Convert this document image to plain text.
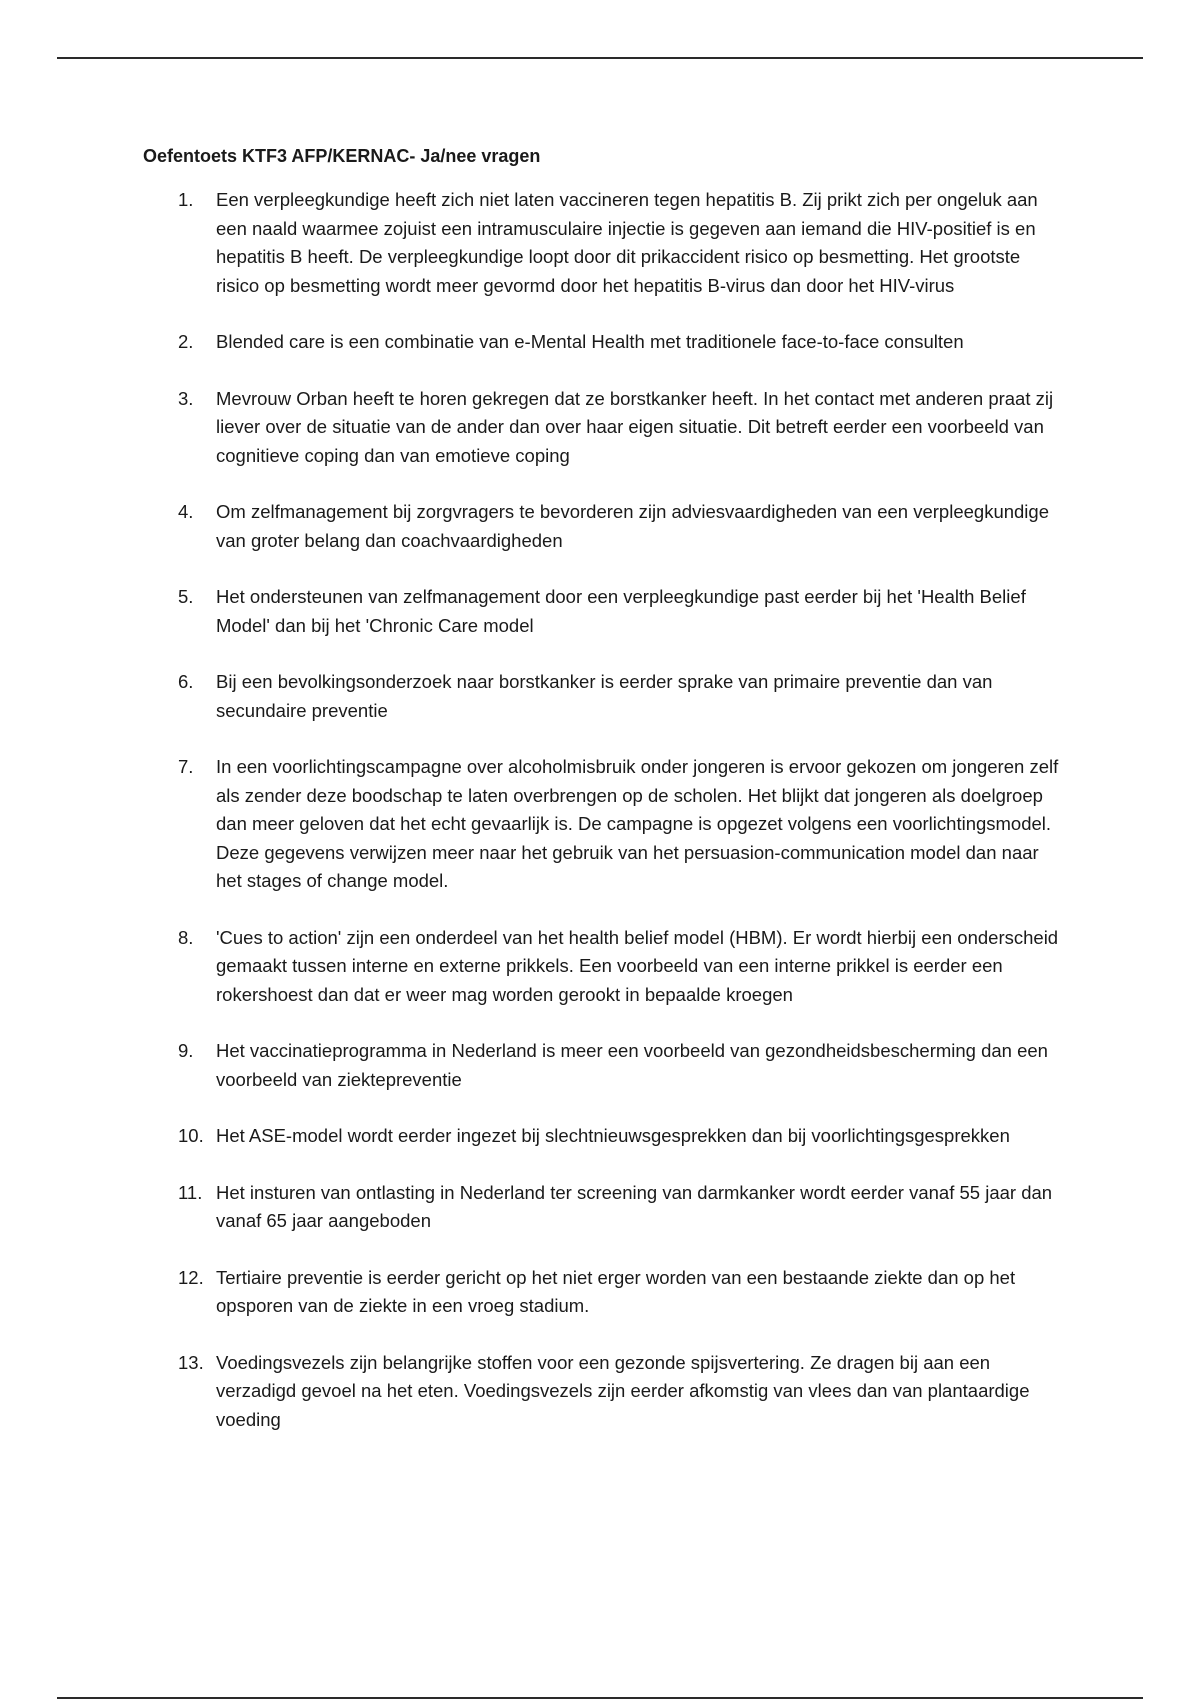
Oefentoets KTF3 AFP/KERNAC- Ja/nee vragen
1.	Een verpleegkundige heeft zich niet laten vaccineren tegen hepatitis B. Zij prikt zich per ongeluk aan een naald waarmee zojuist een intramusculaire injectie is gegeven aan iemand die HIV-positief is en hepatitis B heeft. De verpleegkundige loopt door dit prikaccident risico op besmetting. Het grootste risico op besmetting wordt meer gevormd door het hepatitis B-virus dan door het HIV-virus
2.	Blended care is een combinatie van e-Mental Health met traditionele face-to-face consulten
3.	Mevrouw Orban heeft te horen gekregen dat ze borstkanker heeft. In het contact met anderen praat zij liever over de situatie van de ander dan over haar eigen situatie. Dit betreft eerder een voorbeeld van cognitieve coping dan van emotieve coping
4.	Om zelfmanagement bij zorgvragers te bevorderen zijn adviesvaardigheden van een verpleegkundige van groter belang dan coachvaardigheden
5.	Het ondersteunen van zelfmanagement door een verpleegkundige past eerder bij het 'Health Belief Model' dan bij het 'Chronic Care model
6.	Bij een bevolkingsonderzoek naar borstkanker is eerder sprake van primaire preventie dan van secundaire preventie
7.	In een voorlichtingscampagne over alcoholmisbruik onder jongeren is ervoor gekozen om jongeren zelf als zender deze boodschap te laten overbrengen op de scholen. Het blijkt dat jongeren als doelgroep dan meer geloven dat het echt gevaarlijk is. De campagne is opgezet volgens een voorlichtingsmodel. Deze gegevens verwijzen meer naar het gebruik van het persuasion-communication model dan naar het stages of change model.
8.	'Cues to action' zijn een onderdeel van het health belief model (HBM). Er wordt hierbij een onderscheid gemaakt tussen interne en externe prikkels. Een voorbeeld van een interne prikkel is eerder een rokershoest dan dat er weer mag worden gerookt in bepaalde kroegen
9.	Het vaccinatieprogramma in Nederland is meer een voorbeeld van gezondheidsbescherming dan een voorbeeld van ziektepreventie
10. Het ASE-model wordt eerder ingezet bij slechtnieuwsgesprekken dan bij voorlichtingsgesprekken
11. Het insturen van ontlasting in Nederland ter screening van darmkanker wordt eerder vanaf 55 jaar dan vanaf 65 jaar aangeboden
12. Tertiaire preventie is eerder gericht op het niet erger worden van een bestaande ziekte dan op het opsporen van de ziekte in een vroeg stadium.
13. Voedingsvezels zijn belangrijke stoffen voor een gezonde spijsvertering. Ze dragen bij aan een verzadigd gevoel na het eten. Voedingsvezels zijn eerder afkomstig van vlees dan van plantaardige voeding
